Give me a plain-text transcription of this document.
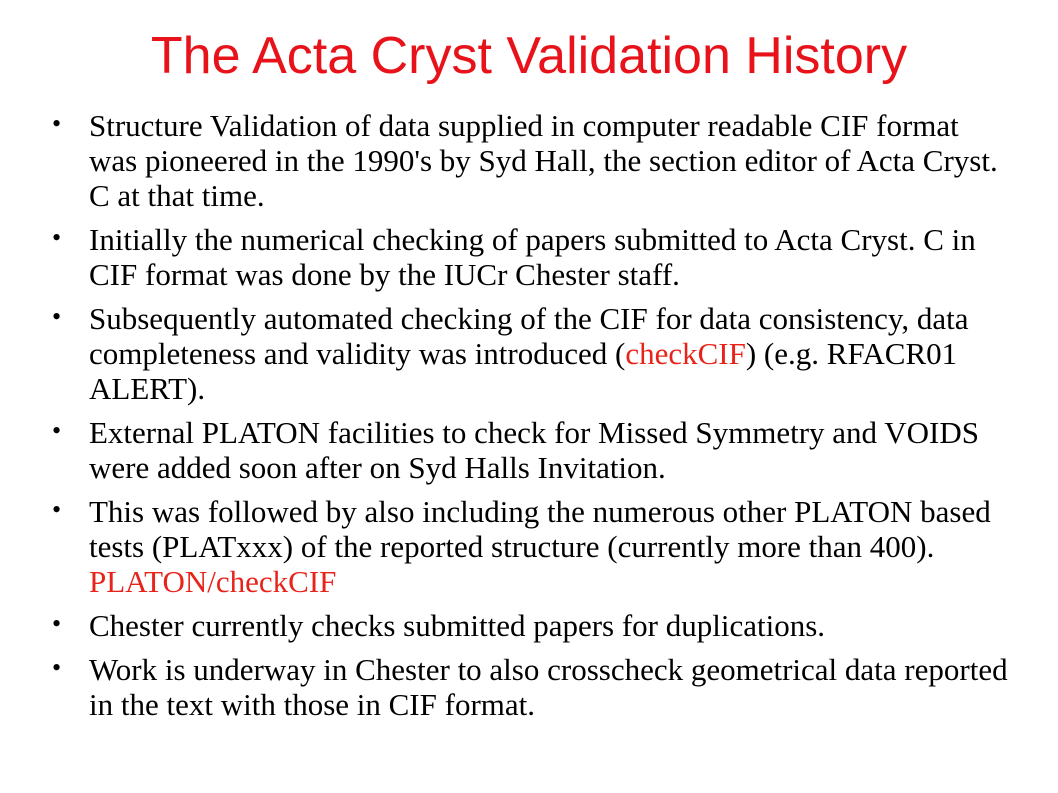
The Acta Cryst Validation History
• Structure Validation of data supplied in computer readable CIF format was pioneered in the 1990's by Syd Hall, the section editor of Acta Cryst. C at that time.
• Initially the numerical checking of papers submitted to Acta Cryst. C in CIF format was done by the IUCr Chester staff.
• Subsequently automated checking of the CIF for data consistency, data completeness and validity was introduced (checkCIF) (e.g. RFACR01 ALERT).
• External PLATON facilities to check for Missed Symmetry and VOIDS were added soon after on Syd Halls Invitation.
• This was followed by also including the numerous other PLATON based tests (PLATxxx) of the reported structure (currently more than 400). PLATON/checkCIF
• Chester currently checks submitted papers for duplications.
• Work is underway in Chester to also crosscheck geometrical data reported in the text with those in CIF format.
